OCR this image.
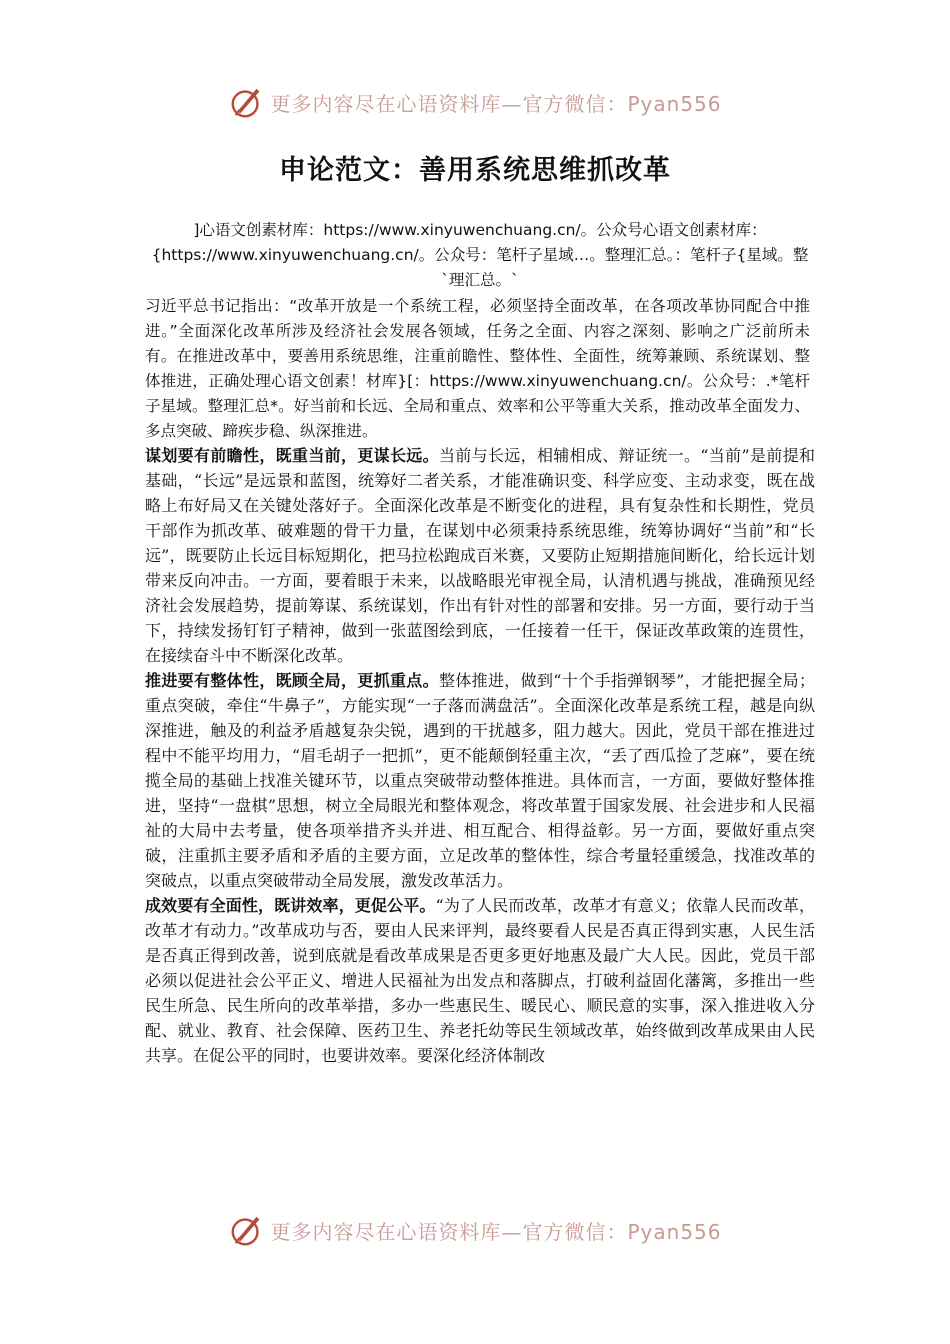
更多内容尽在心语资料库—官方微信：Pyan556
申论范文：善用系统思维抓改革
]心语文创素材库：https://www.xinyuwenchuang.cn/。公众号心语文创素材库：{https://www.xinyuwenchuang.cn/。公众号：笔杆子星域…。整理汇总。：笔杆子{星域。整`理汇总。`

习近平总书记指出：“改革开放是一个系统工程，必须坚持全面改革，在各项改革协同配合中推进。”全面深化改革所涉及经济社会发展各领域，任务之全面、内容之深刻、影响之广泛前所未有。在推进改革中，要善用系统思维，注重前瞻性、整体性、全面性，统筹兼顾、系统谋划、整体推进，正确处理心语文创素！材库}[：https://www.xinyuwenchuang.cn/。公众号：.*笔杆子星域。整理汇总*。好当前和长远、全局和重点、效率和公平等重大关系，推动改革全面发力、多点突破、蹄疾步稳、纵深推进。

谋划要有前瞻性，既重当前，更谋长远。当前与长远，相辅相成、辩证统一。“当前”是前提和基础，“长远”是远景和蓝图，统筹好二者关系，才能准确识变、科学应变、主动求变，既在战略上布好局又在关键处落好子。全面深化改革是不断变化的进程，具有复杂性和长期性，党员干部作为抓改革、破难题的骨干力量，在谋划中必须秉持系统思维，统筹协调好“当前”和“长远”，既要防止长远目标短期化，把马拉松跑成百米赛，又要防止短期措施间断化，给长远计划带来反向冲击。一方面，要着眼于未来，以战略眼光审视全局，认清机遇与挑战，准确预见经济社会发展趋势，提前筹谋、系统谋划，作出有针对性的部署和安排。另一方面，要行动于当下，持续发扬钉钉子精神，做到一张蓝图绘到底，一任接着一任干，保证改革政策的连贯性，在接续奋斗中不断深化改革。

推进要有整体性，既顾全局，更抓重点。整体推进，做到“十个手指弹钢琴”，才能把握全局；重点突破，牵住“牛鼻子”，方能实现“一子落而满盘活”。全面深化改革是系统工程，越是向纵深推进，触及的利益矛盾越复杂尖锐，遇到的干扰越多，阻力越大。因此，党员干部在推进过程中不能平均用力，“眉毛胡子一把抓”，更不能颠倒轻重主次，“丢了西瓜捡了芝麻”，要在统揽全局的基础上找准关键环节，以重点突破带动整体推进。具体而言，一方面，要做好整体推进，坚持“一盘棋”思想，树立全局眼光和整体观念，将改革置于国家发展、社会进步和人民福祉的大局中去考量，使各项举措齐头并进、相互配合、相得益彰。另一方面，要做好重点突破，注重抓主要矛盾和矛盾的主要方面，立足改革的整体性，综合考量轻重缓急，找准改革的突破点，以重点突破带动全局发展，激发改革活力。

成效要有全面性，既讲效率，更促公平。“为了人民而改革，改革才有意义；依靠人民而改革，改革才有动力。”改革成功与否，要由人民来评判，最终要看人民是否真正得到实惠，人民生活是否真正得到改善，说到底就是看改革成果是否更多更好地惠及最广大人民。因此，党员干部必须以促进社会公平正义、增进人民福祉为出发点和落脚点，打破利益固化藩篱，多推出一些民生所急、民生所向的改革举措，多办一些惠民生、暖民心、顺民意的实事，深入推进收入分配、就业、教育、社会保障、医药卫生、养老托幼等民生领域改革，始终做到改革成果由人民共享。在促公平的同时，也要讲效率。要深化经济体制改

更多内容尽在心语资料库—官方微信：Pyan556
